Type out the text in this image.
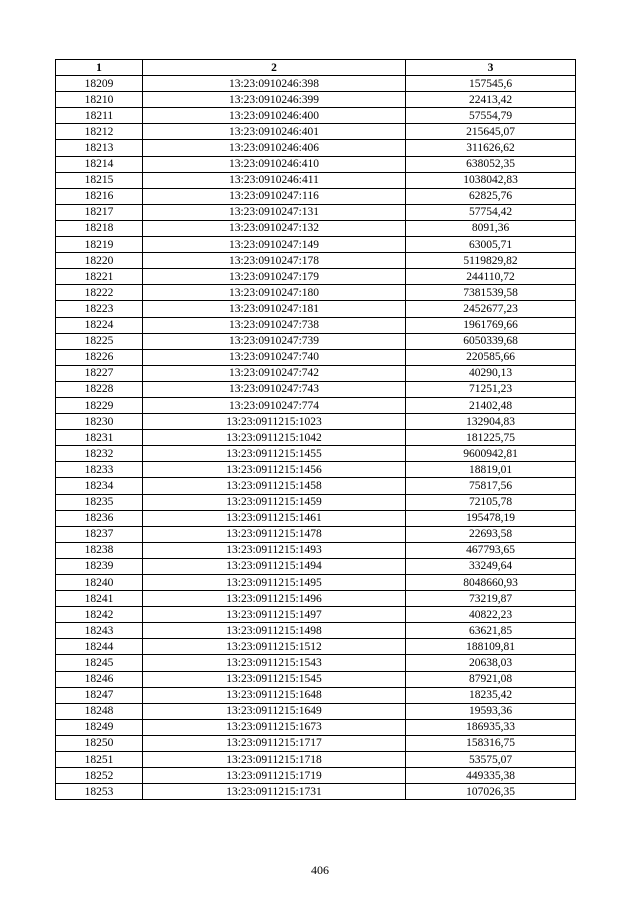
1	2	3
18209	13:23:0910246:398	157545,6
18210	13:23:0910246:399	22413,42
18211	13:23:0910246:400	57554,79
18212	13:23:0910246:401	215645,07
18213	13:23:0910246:406	311626,62
18214	13:23:0910246:410	638052,35
18215	13:23:0910246:411	1038042,83
18216	13:23:0910247:116	62825,76
18217	13:23:0910247:131	57754,42
18218	13:23:0910247:132	8091,36
18219	13:23:0910247:149	63005,71
18220	13:23:0910247:178	5119829,82
18221	13:23:0910247:179	244110,72
18222	13:23:0910247:180	7381539,58
18223	13:23:0910247:181	2452677,23
18224	13:23:0910247:738	1961769,66
18225	13:23:0910247:739	6050339,68
18226	13:23:0910247:740	220585,66
18227	13:23:0910247:742	40290,13
18228	13:23:0910247:743	71251,23
18229	13:23:0910247:774	21402,48
18230	13:23:0911215:1023	132904,83
18231	13:23:0911215:1042	181225,75
18232	13:23:0911215:1455	9600942,81
18233	13:23:0911215:1456	18819,01
18234	13:23:0911215:1458	75817,56
18235	13:23:0911215:1459	72105,78
18236	13:23:0911215:1461	195478,19
18237	13:23:0911215:1478	22693,58
18238	13:23:0911215:1493	467793,65
18239	13:23:0911215:1494	33249,64
18240	13:23:0911215:1495	8048660,93
18241	13:23:0911215:1496	73219,87
18242	13:23:0911215:1497	40822,23
18243	13:23:0911215:1498	63621,85
18244	13:23:0911215:1512	188109,81
18245	13:23:0911215:1543	20638,03
18246	13:23:0911215:1545	87921,08
18247	13:23:0911215:1648	18235,42
18248	13:23:0911215:1649	19593,36
18249	13:23:0911215:1673	186935,33
18250	13:23:0911215:1717	158316,75
18251	13:23:0911215:1718	53575,07
18252	13:23:0911215:1719	449335,38
18253	13:23:0911215:1731	107026,35
406
